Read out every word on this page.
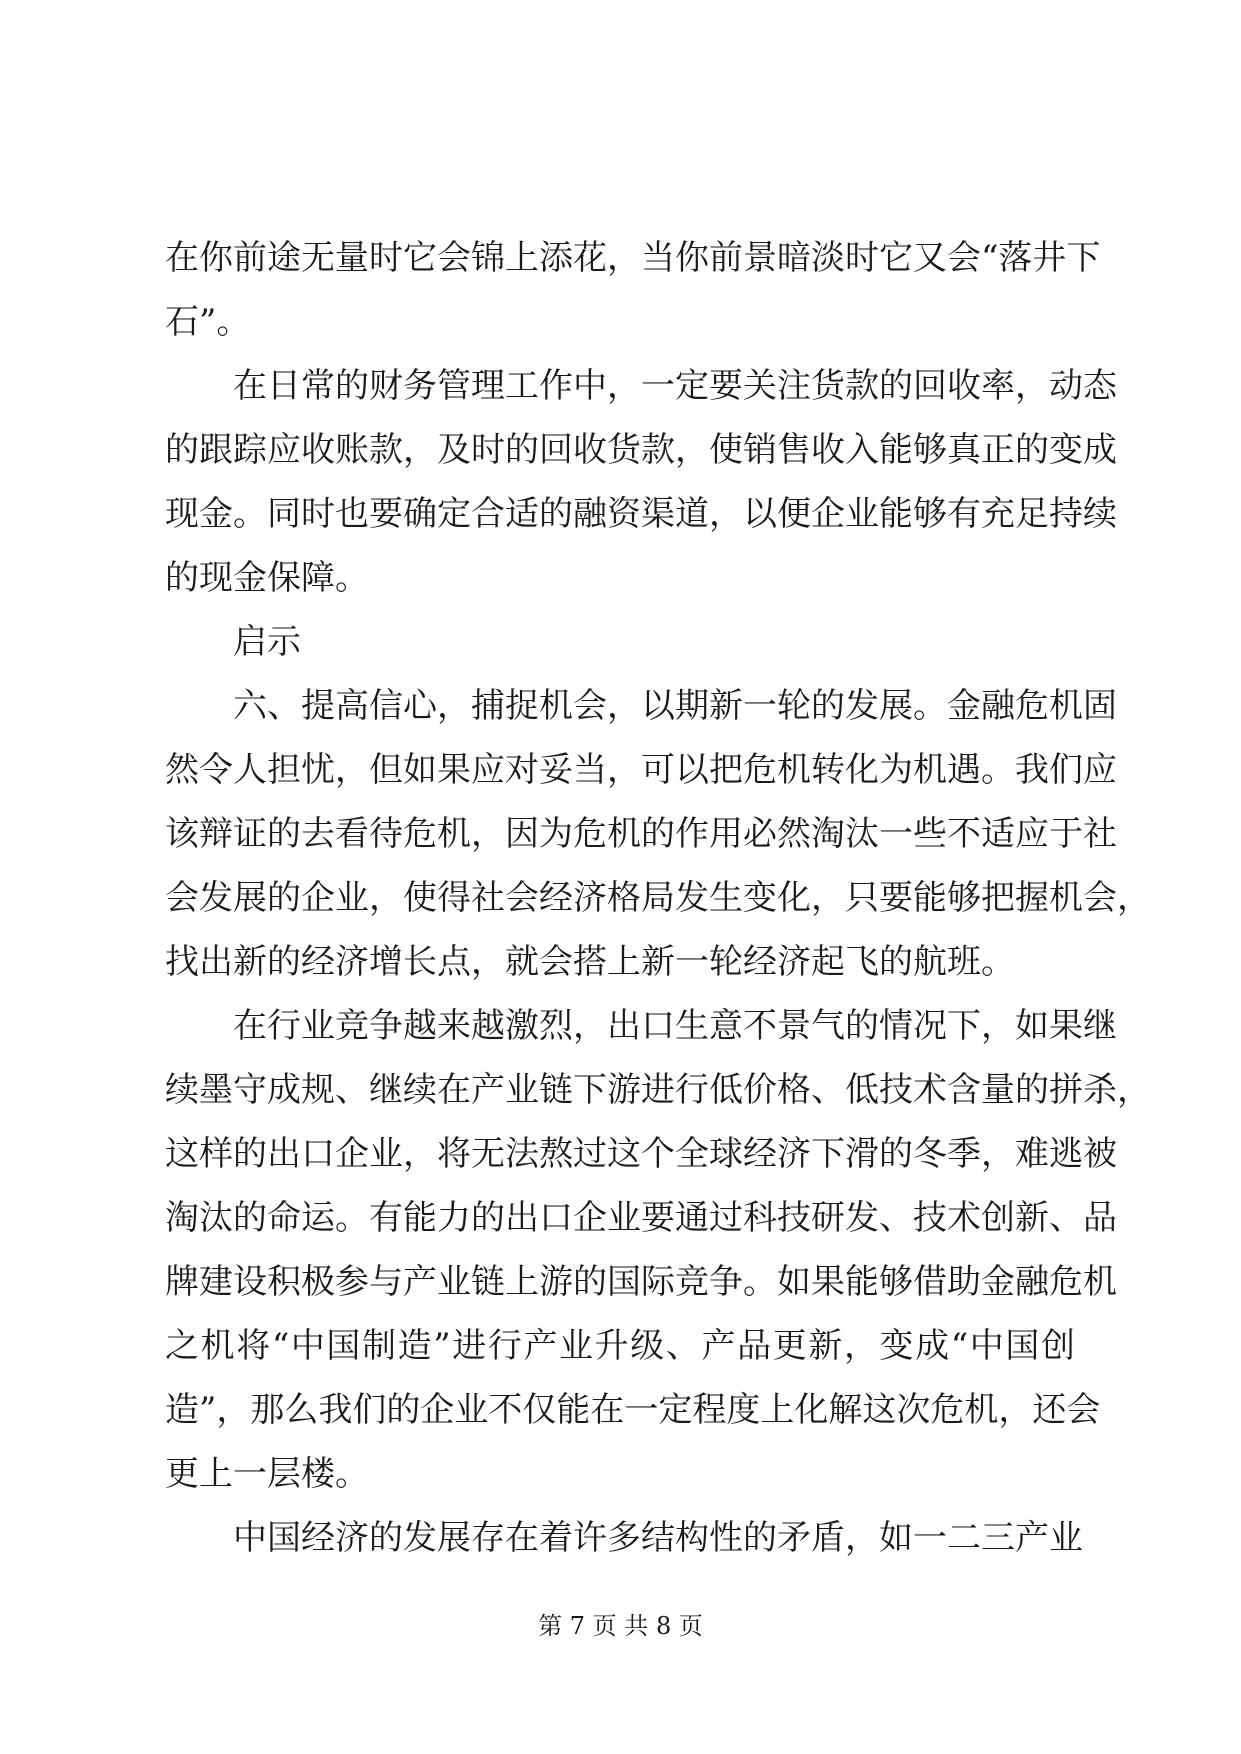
在你前途无量时它会锦上添花，当你前景暗淡时它又会“落井下
石”。
在日常的财务管理工作中，一定要关注货款的回收率，动态
的跟踪应收账款，及时的回收货款，使销售收入能够真正的变成
现金。同时也要确定合适的融资渠道，以便企业能够有充足持续
的现金保障。
启示
六、提高信心，捕捉机会，以期新一轮的发展。金融危机固
然令人担忧，但如果应对妥当，可以把危机转化为机遇。我们应
该辩证的去看待危机，因为危机的作用必然淘汰一些不适应于社
会发展的企业，使得社会经济格局发生变化，只要能够把握机会，
找出新的经济增长点，就会搭上新一轮经济起飞的航班。
在行业竞争越来越激烈，出口生意不景气的情况下，如果继
续墨守成规、继续在产业链下游进行低价格、低技术含量的拼杀，
这样的出口企业，将无法熬过这个全球经济下滑的冬季，难逃被
淘汰的命运。有能力的出口企业要通过科技研发、技术创新、品
牌建设积极参与产业链上游的国际竞争。如果能够借助金融危机
之机将“中国制造”进行产业升级、产品更新，变成“中国创
造”，那么我们的企业不仅能在一定程度上化解这次危机，还会
更上一层楼。
中国经济的发展存在着许多结构性的矛盾，如一二三产业
第 7 页 共 8 页
